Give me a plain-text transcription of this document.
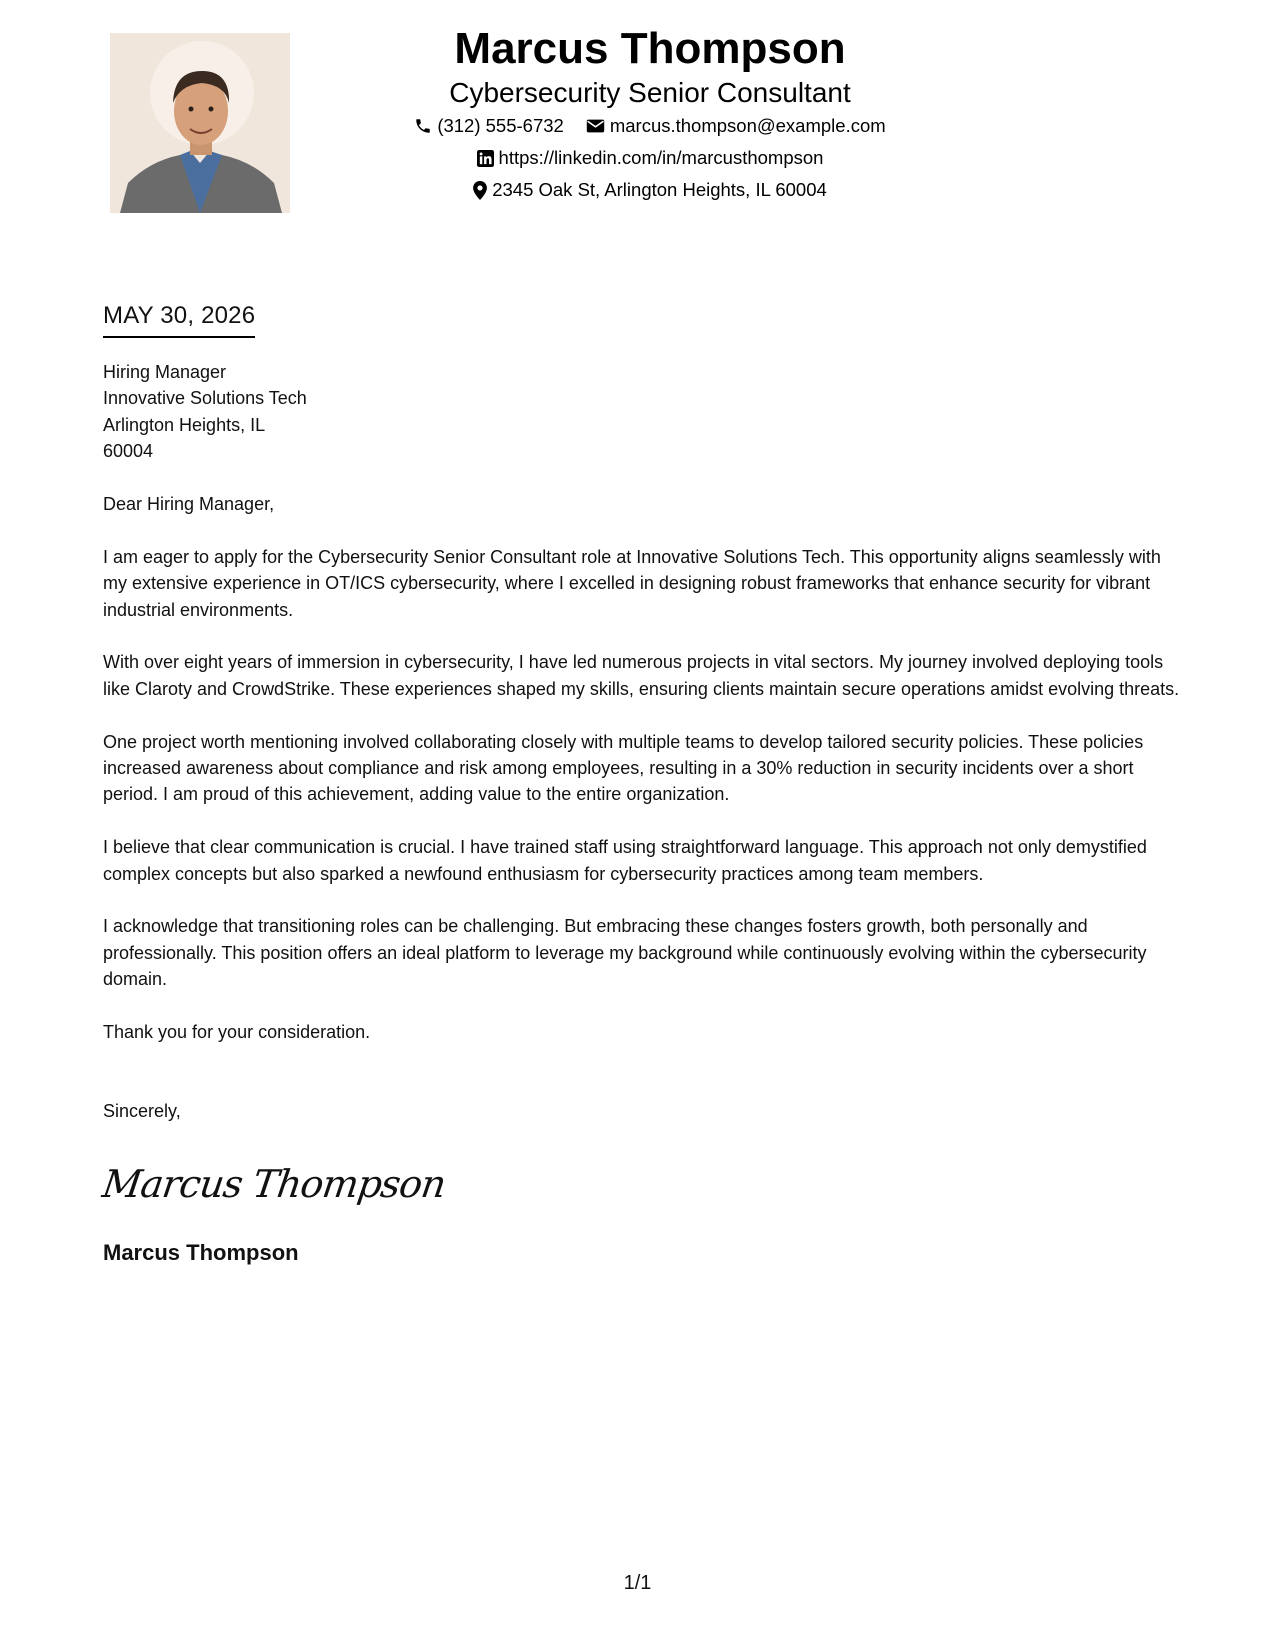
Marcus Thompson
Cybersecurity Senior Consultant
(312) 555-6732 marcus.thompson@example.com
https://linkedin.com/in/marcusthompson
2345 Oak St, Arlington Heights, IL 60004
MAY 30, 2026
Hiring Manager
Innovative Solutions Tech
Arlington Heights, IL
60004

Dear Hiring Manager,

I am eager to apply for the Cybersecurity Senior Consultant role at Innovative Solutions Tech. This opportunity aligns seamlessly with my extensive experience in OT/ICS cybersecurity, where I excelled in designing robust frameworks that enhance security for vibrant industrial environments.

With over eight years of immersion in cybersecurity, I have led numerous projects in vital sectors. My journey involved deploying tools like Claroty and CrowdStrike. These experiences shaped my skills, ensuring clients maintain secure operations amidst evolving threats.

One project worth mentioning involved collaborating closely with multiple teams to develop tailored security policies. These policies increased awareness about compliance and risk among employees, resulting in a 30% reduction in security incidents over a short period. I am proud of this achievement, adding value to the entire organization.

I believe that clear communication is crucial. I have trained staff using straightforward language. This approach not only demystified complex concepts but also sparked a newfound enthusiasm for cybersecurity practices among team members.

I acknowledge that transitioning roles can be challenging. But embracing these changes fosters growth, both personally and professionally. This position offers an ideal platform to leverage my background while continuously evolving within the cybersecurity domain.

Thank you for your consideration.

Sincerely,
Marcus Thompson
Marcus Thompson
1/1
